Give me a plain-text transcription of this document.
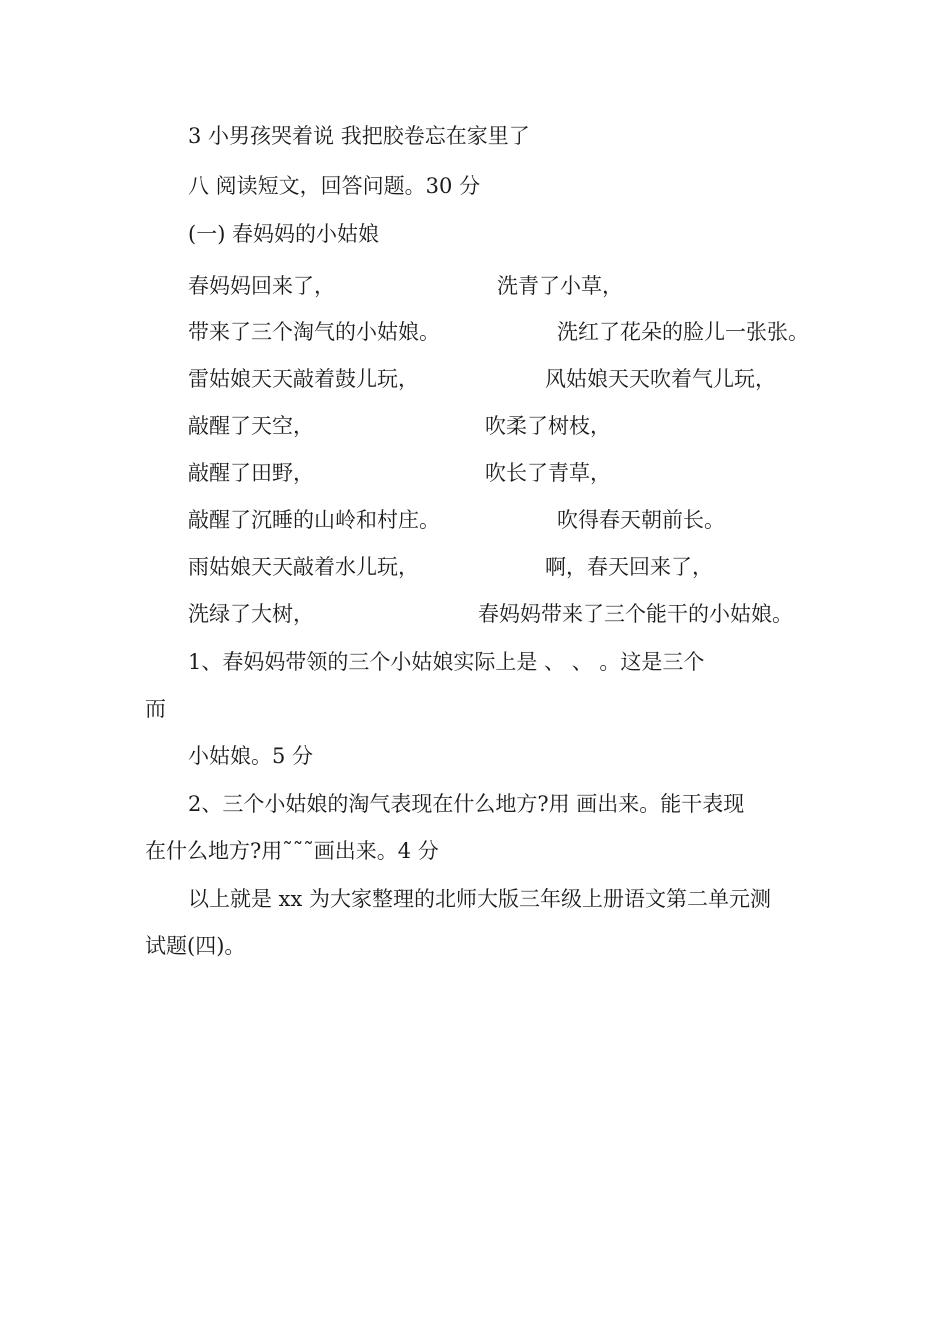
3 小男孩哭着说 我把胶卷忘在家里了
八 阅读短文，回答问题。30 分
(一) 春妈妈的小姑娘
春妈妈回来了，
带来了三个淘气的小姑娘。
雷姑娘天天敲着鼓儿玩，
敲醒了天空，
敲醒了田野，
敲醒了沉睡的山岭和村庄。
雨姑娘天天敲着水儿玩，
洗绿了大树，
洗青了小草，
洗红了花朵的脸儿一张张。
风姑娘天天吹着气儿玩，
吹柔了树枝，
吹长了青草，
吹得春天朝前长。
啊，春天回来了，
春妈妈带来了三个能干的小姑娘。
1、春妈妈带领的三个小姑娘实际上是 、 、 。这是三个
而
小姑娘。5 分
2、三个小姑娘的淘气表现在什么地方?用 画出来。能干表现
在什么地方?用˜˜˜画出来。4 分
以上就是 xx 为大家整理的北师大版三年级上册语文第二单元测
试题(四)。
